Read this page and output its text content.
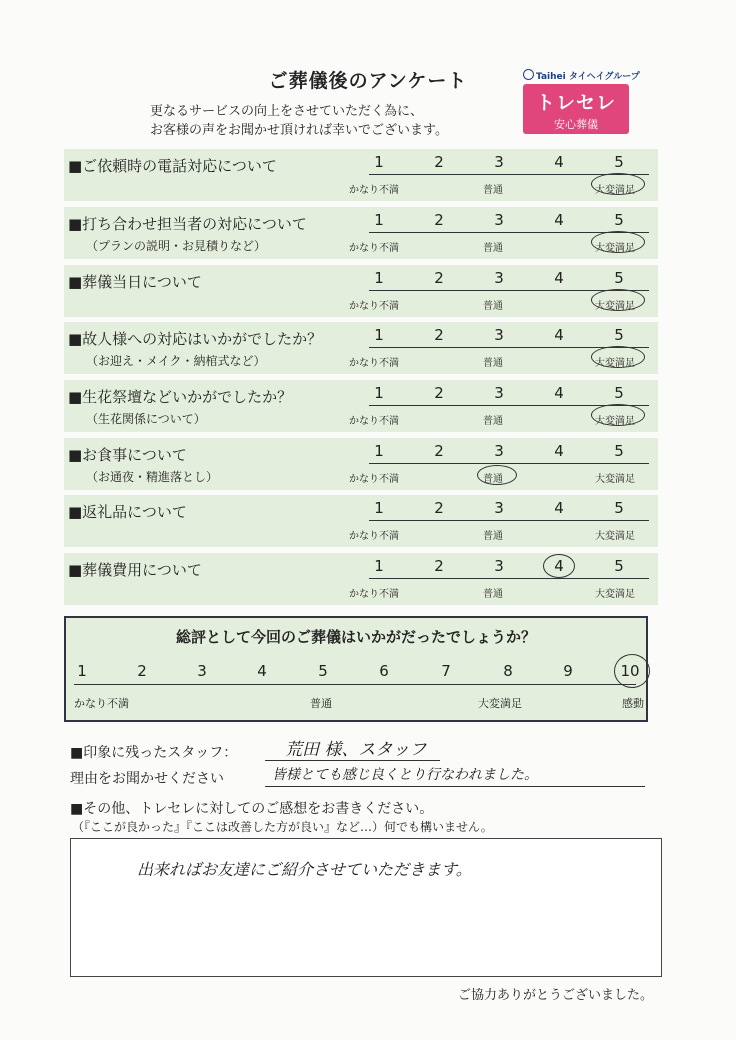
ご葬儀後のアンケート
更なるサービスの向上をさせていただく為に、
お客様の声をお聞かせ頂ければ幸いでございます。
Taihei タイヘイグループ
トレセレ
安心葬儀
■ご依頼時の電話対応について	1	2	3	4	5
かなり不満	普通	大変満足
■打ち合わせ担当者の対応について
（プランの説明・お見積りなど）
1	2	3	4	5
かなり不満	普通	大変満足
■葬儀当日について	1	2	3	4	5
かなり不満	普通	大変満足
■故人様への対応はいかがでしたか？
（お迎え・メイク・納棺式など）
1	2	3	4	5
かなり不満	普通	大変満足
■生花祭壇などいかがでしたか？
（生花関係について）
1	2	3	4	5
かなり不満	普通	大変満足
■お食事について
（お通夜・精進落とし）
1	2	3	4	5
かなり不満	普通	大変満足
■返礼品について	1	2	3	4	5
かなり不満	普通	大変満足
■葬儀費用について	1	2	3	4	5
かなり不満	普通	大変満足
総評として今回のご葬儀はいかがだったでしょうか？
1	2	3	4	5	6	7	8	9	10
かなり不満	普通	大変満足	感動
■印象に残ったスタッフ：	荒田 様、スタッフ
理由をお聞かせください	皆様とても感じ良くとり行なわれました。
■その他、トレセレに対してのご感想をお書きください。
（『ここが良かった』『ここは改善した方が良い』など…）何でも構いません。
出来ればお友達にご紹介させていただきます。
ご協力ありがとうございました。
